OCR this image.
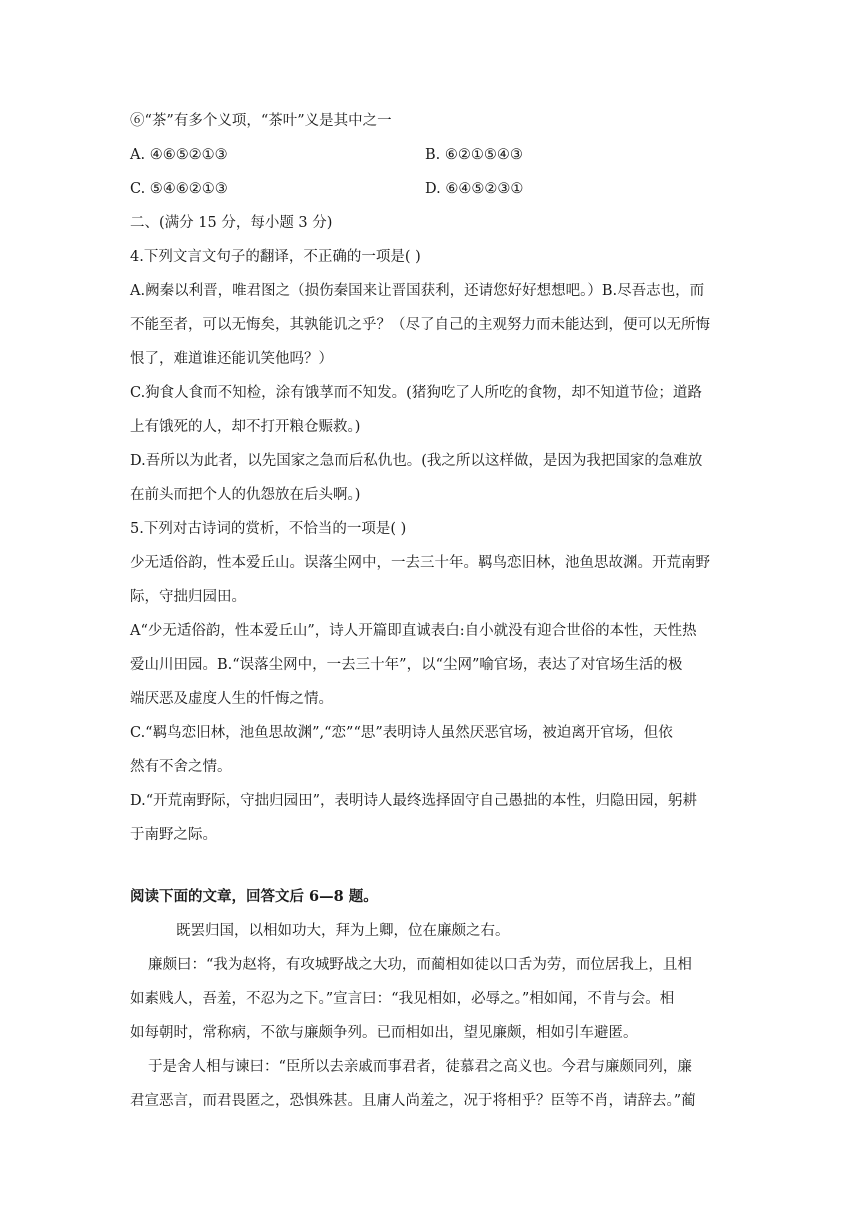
⑥“茶”有多个义项，“茶叶”义是其中之一
A. ④⑥⑤②①③	B. ⑥②①⑤④③
C. ⑤④⑥②①③	D. ⑥④⑤②③①
二、(满分 15 分，每小题 3 分)
4.下列文言文句子的翻译，不正确的一项是( )
A.阙秦以利晋，唯君图之（损伤秦国来让晋国获利，还请您好好想想吧。）B.尽吾志也，而
不能至者，可以无悔矣，其孰能讥之乎？（尽了自己的主观努力而未能达到，便可以无所悔
恨了，难道谁还能讥笑他吗？）
C.狗食人食而不知检，涂有饿莩而不知发。(猪狗吃了人所吃的食物，却不知道节俭；道路
上有饿死的人，却不打开粮仓赈救。)
D.吾所以为此者，以先国家之急而后私仇也。(我之所以这样做，是因为我把国家的急难放
在前头而把个人的仇怨放在后头啊。)
5.下列对古诗词的赏析，不恰当的一项是( )
少无适俗韵，性本爱丘山。误落尘网中，一去三十年。羁鸟恋旧林，池鱼思故渊。开荒南野
际，守拙归园田。
A“少无适俗韵，性本爱丘山”，诗人开篇即直诚表白:自小就没有迎合世俗的本性，天性热
爱山川田园。B.“误落尘网中，一去三十年”，以“尘网”喻官场，表达了对官场生活的极
端厌恶及虚度人生的忏悔之情。
C.“羁鸟恋旧林，池鱼思故渊”,“恋”“思”表明诗人虽然厌恶官场，被迫离开官场，但依
然有不舍之情。
D.“开荒南野际，守拙归园田”，表明诗人最终选择固守自己愚拙的本性，归隐田园，躬耕
于南野之际。
阅读下面的文章，回答文后 6—8 题。
既罢归国，以相如功大，拜为上卿，位在廉颇之右。
廉颇曰：“我为赵将，有攻城野战之大功，而蔺相如徒以口舌为劳，而位居我上，且相
如素贱人，吾羞，不忍为之下。”宣言曰：“我见相如，必辱之。”相如闻，不肯与会。相
如每朝时，常称病，不欲与廉颇争列。已而相如出，望见廉颇，相如引车避匿。
于是舍人相与谏曰：“臣所以去亲戚而事君者，徒慕君之高义也。今君与廉颇同列，廉
君宣恶言，而君畏匿之，恐惧殊甚。且庸人尚羞之，况于将相乎？臣等不肖，请辞去。”蔺
